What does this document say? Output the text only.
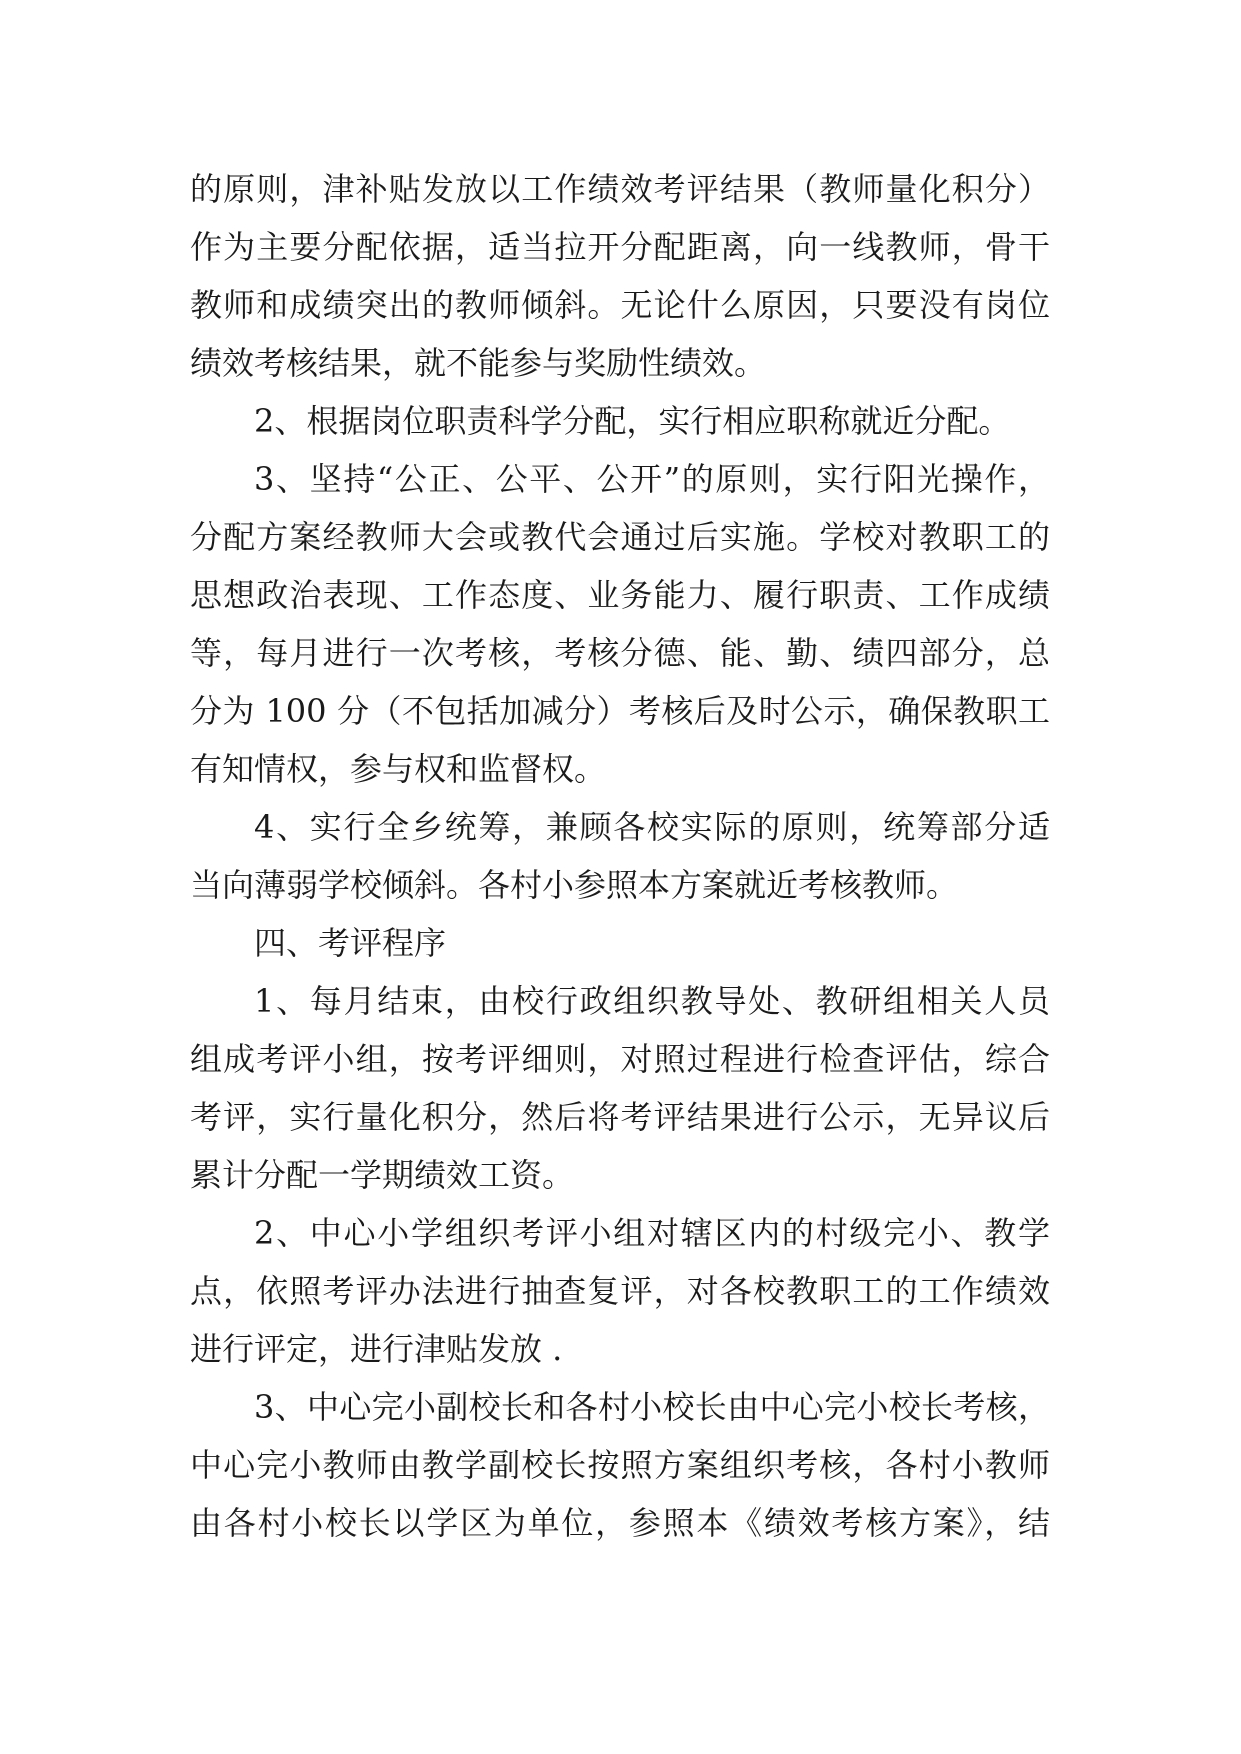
的原则，津补贴发放以工作绩效考评结果（教师量化积分）
作为主要分配依据，适当拉开分配距离，向一线教师，骨干
教师和成绩突出的教师倾斜。无论什么原因，只要没有岗位
绩效考核结果，就不能参与奖励性绩效。
2、根据岗位职责科学分配，实行相应职称就近分配。
3、坚持“公正、公平、公开”的原则，实行阳光操作，
分配方案经教师大会或教代会通过后实施。学校对教职工的
思想政治表现、工作态度、业务能力、履行职责、工作成绩
等，每月进行一次考核，考核分德、能、勤、绩四部分，总
分为 100 分（不包括加减分）考核后及时公示，确保教职工
有知情权，参与权和监督权。
4、实行全乡统筹，兼顾各校实际的原则，统筹部分适
当向薄弱学校倾斜。各村小参照本方案就近考核教师。
四、考评程序
1、每月结束，由校行政组织教导处、教研组相关人员
组成考评小组，按考评细则，对照过程进行检查评估，综合
考评，实行量化积分，然后将考评结果进行公示，无异议后
累计分配一学期绩效工资。
2、中心小学组织考评小组对辖区内的村级完小、教学
点，依照考评办法进行抽查复评，对各校教职工的工作绩效
进行评定，进行津贴发放 .
3、中心完小副校长和各村小校长由中心完小校长考核，
中心完小教师由教学副校长按照方案组织考核，各村小教师
由各村小校长以学区为单位，参照本《绩效考核方案》，结
